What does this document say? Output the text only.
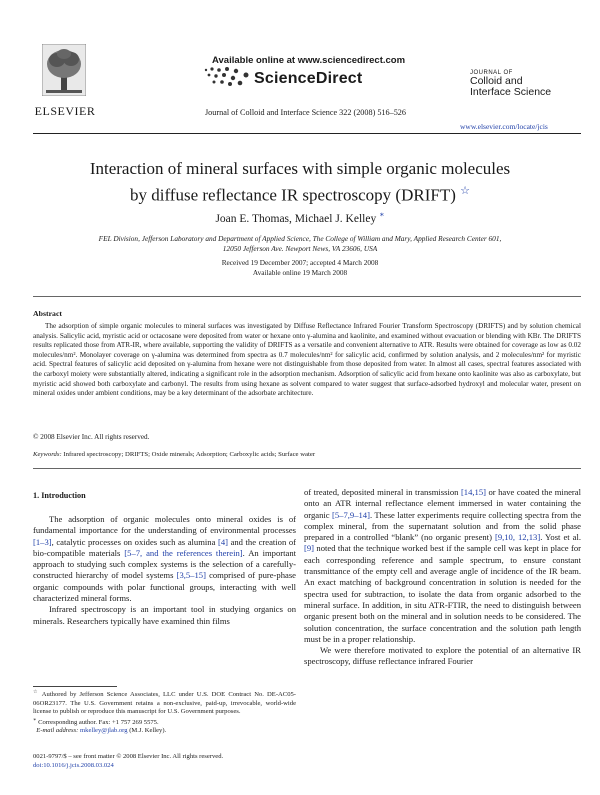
ELSEVIER
Available online at www.sciencedirect.com
ScienceDirect
Journal of Colloid and Interface Science 322 (2008) 516–526
JOURNAL OF
Colloid and
Interface Science
www.elsevier.com/locate/jcis
Interaction of mineral surfaces with simple organic molecules
by diffuse reflectance IR spectroscopy (DRIFT) ☆
Joan E. Thomas, Michael J. Kelley ∗
FEL Division, Jefferson Laboratory and Department of Applied Science, The College of William and Mary, Applied Research Center 601,
12050 Jefferson Ave. Newport News, VA 23606, USA
Received 19 December 2007; accepted 4 March 2008
Available online 19 March 2008
Abstract

The adsorption of simple organic molecules to mineral surfaces was investigated by Diffuse Reflectance Infrared Fourier Transform Spectroscopy (DRIFTS) and by solution chemical analysis. Salicylic acid, myristic acid or octacosane were deposited from water or hexane onto γ-alumina and kaolinite, and examined without evacuation or blending with KBr. The DRIFTS results replicated those from ATR-IR, where available, supporting the validity of DRIFTS as a versatile and convenient alternative to ATR. Results were obtained for coverage as low as 0.02 molecules/nm². Monolayer coverage on γ-alumina was determined from spectra as 0.7 molecules/nm² for salicylic acid, confirmed by solution analysis, and 2 molecules/nm² for myristic acid. Spectral features of salicylic acid deposited on γ-alumina from hexane were not distinguishable from those deposited from water. In almost all cases, spectral features associated with the carboxyl moiety were substantially altered, indicating a significant role in the adsorption mechanism. Adsorption of salicylic acid from hexane onto kaolinite was also as carboxylate, but myristic acid showed both carboxylate and carbonyl. The results from using hexane as solvent compared to water suggest that surface-adsorbed hydroxyl and molecular water, present on mineral oxides under ambient conditions, may be a key determinant of the adsorbate architecture.

© 2008 Elsevier Inc. All rights reserved.
Keywords: Infrared spectroscopy; DRIFTS; Oxide minerals; Adsorption; Carboxylic acids; Surface water
1. Introduction

The adsorption of organic molecules onto mineral oxides is of fundamental importance for the understanding of environmental processes [1–3], catalytic processes on oxides such as alumina [4] and the creation of bio-compatible materials [5–7, and the references therein]. An important approach to studying such complex systems is the selection of a carefully-constructed hierarchy of model systems [3,5–15] comprised of pure-phase organic compounds with polar functional groups, interacting with well characterized mineral forms.

Infrared spectroscopy is an important tool in studying organics on minerals. Researchers typically have examined thin films

of treated, deposited mineral in transmission [14,15] or have coated the mineral onto an ATR internal reflectance element immersed in water containing the organic [5–7,9–14]. These latter experiments require collecting spectra from the complex mineral, from the supernatant solution and from the solid phase prepared in a controlled “blank” (no organic present) [9,10, 12,13]. Yost et al. [9] noted that the technique worked best if the sample cell was kept in place for each corresponding reference and sample spectrum, to ensure constant transmittance of the empty cell and average angle of incidence of the IR beam. An exact matching of background concentration in solution is needed for the spectra used for subtraction, to isolate the data from organic adsorbed to the mineral surface. In addition, in situ ATR-FTIR, the need to distinguish between organic present both on the mineral and in solution needs to be considered. The solution concentration, the surface concentration and the solution path length must be in a proper relationship.

We were therefore motivated to explore the potential of an alternative IR spectroscopy, diffuse reflectance infrared Fourier

☆ Authored by Jefferson Science Associates, LLC under U.S. DOE Contract No. DE-AC05-06OR23177. The U.S. Government retains a non-exclusive, paid-up, irrevocable, world-wide license to publish or reproduce this manuscript for U.S. Government purposes.

∗ Corresponding author. Fax: +1 757 269 5575.

E-mail address: mkelley@jlab.org (M.J. Kelley).

0021-9797/$ – see front matter © 2008 Elsevier Inc. All rights reserved.
doi:10.1016/j.jcis.2008.03.024
